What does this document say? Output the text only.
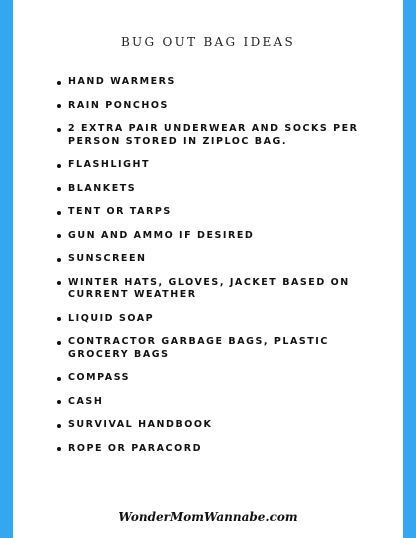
BUG OUT BAG IDEAS
HAND WARMERS
RAIN PONCHOS
2 EXTRA PAIR UNDERWEAR AND SOCKS PER PERSON STORED IN ZIPLOC BAG.
FLASHLIGHT
BLANKETS
TENT OR TARPS
GUN AND AMMO IF DESIRED
SUNSCREEN
WINTER HATS, GLOVES, JACKET BASED ON CURRENT WEATHER
LIQUID SOAP
CONTRACTOR GARBAGE BAGS, PLASTIC GROCERY BAGS
COMPASS
CASH
SURVIVAL HANDBOOK
ROPE OR PARACORD
WonderMomWannabe.com
